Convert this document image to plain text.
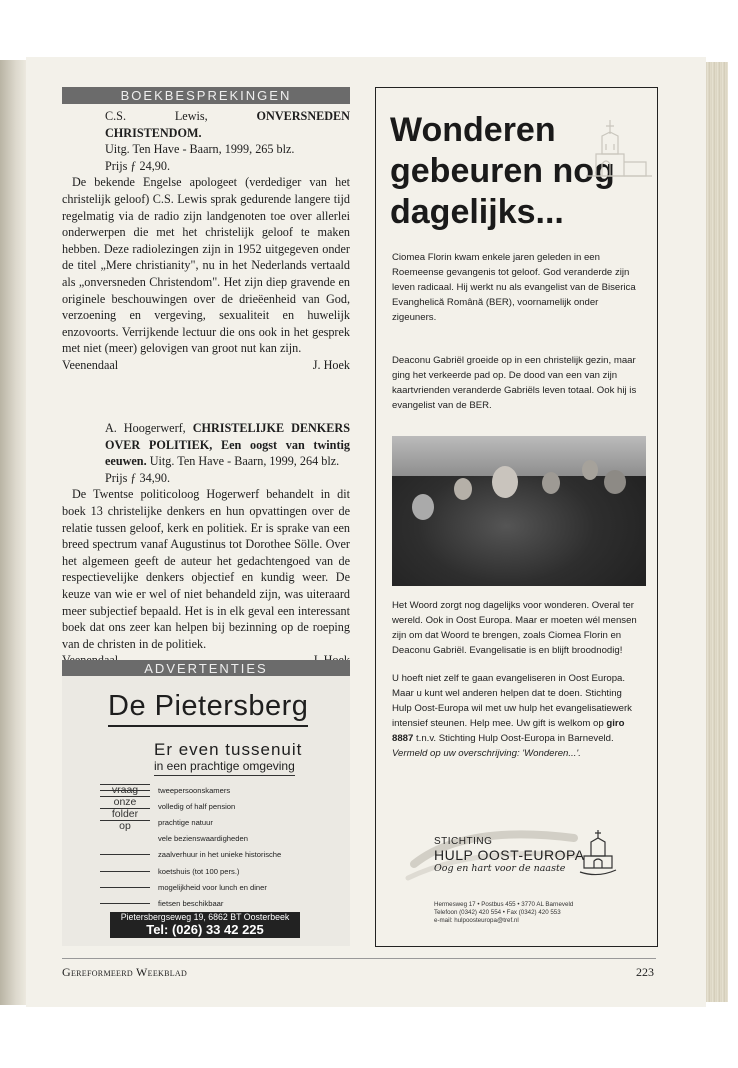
BOEKBESPREKINGEN
C.S. Lewis, ONVERSNEDEN CHRISTENDOM.
Uitg. Ten Have - Baarn, 1999, 265 blz.
Prijs ƒ 24,90.
De bekende Engelse apologeet (verdediger van het christelijk geloof) C.S. Lewis sprak gedurende langere tijd regelmatig via de radio zijn landgenoten toe over allerlei onderwerpen die met het christelijk geloof te maken hebben. Deze radiolezingen zijn in 1952 uitgegeven onder de titel „Mere christianity", nu in het Nederlands vertaald als „onversneden Christendom". Het zijn diep gravende en originele beschouwingen over de drieëenheid van God, verzoening en vergeving, sexualiteit en huwelijk enzovoorts. Verrijkende lectuur die ons ook in het gesprek met niet (meer) gelovigen van groot nut kan zijn.
Veenendaal	J. Hoek
A. Hoogerwerf, CHRISTELIJKE DENKERS OVER POLITIEK, Een oogst van twintig eeuwen. Uitg. Ten Have - Baarn, 1999, 264 blz.
Prijs ƒ 34,90.
De Twentse politicoloog Hogerwerf behandelt in dit boek 13 christelijke denkers en hun opvattingen over de relatie tussen geloof, kerk en politiek. Er is sprake van een breed spectrum vanaf Augustinus tot Dorothee Sölle. Over het algemeen geeft de auteur het gedachtengoed van de respectievelijke denkers objectief en kundig weer. De keuze van wie er wel of niet behandeld zijn, was uiteraard meer subjectief bepaald. Het is in elk geval een interessant boek dat ons zeer kan helpen bij bezinning op de roeping van de christen in de politiek.
ADVERTENTIES
De Pietersberg
Er even tussenuit
in een prachtige omgeving
vraag
onze
folder
op
tweepersoonskamers
volledig of half pension
prachtige natuur
vele bezienswaardigheden
zaalverhuur in het unieke historische
koetshuis (tot 100 pers.)
mogelijkheid voor lunch en diner
fietsen beschikbaar
Pietersbergseweg 19, 6862 BT Oosterbeek
Tel: (026) 33 42 225
Wonderen
gebeuren nog
dagelijks...
Ciomea Florin kwam enkele jaren geleden in een Roemeense gevangenis tot geloof. God veranderde zijn leven radicaal. Hij werkt nu als evangelist van de Biserica Evanghelică Română (BER), voornamelijk onder zigeuners.
Deaconu Gabriël groeide op in een christelijk gezin, maar ging het verkeerde pad op. De dood van een van zijn kaartvrienden veranderde Gabriëls leven totaal. Ook hij is evangelist van de BER.
Het Woord zorgt nog dagelijks voor wonderen. Overal ter wereld. Ook in Oost Europa. Maar er moeten wél mensen zijn om dat Woord te brengen, zoals Ciomea Florin en Deaconu Gabriël. Evangelisatie is en blijft broodnodig!
U hoeft niet zelf te gaan evangeliseren in Oost Europa. Maar u kunt wel anderen helpen dat te doen. Stichting Hulp Oost-Europa wil met uw hulp het evangelisatiewerk intensief steunen. Help mee. Uw gift is welkom op giro 8887 t.n.v. Stichting Hulp Oost-Europa in Barneveld. Vermeld op uw overschrijving: 'Wonderen...'.
STICHTING
HULP OOST-EUROPA
Oog en hart voor de naaste
Hermesweg 17 • Postbus 455 • 3770 AL Barneveld
Telefoon (0342) 420 554 • Fax (0342) 420 553
e-mail: hulpoosteuropa@tref.nl
Gereformeerd Weekblad	223
